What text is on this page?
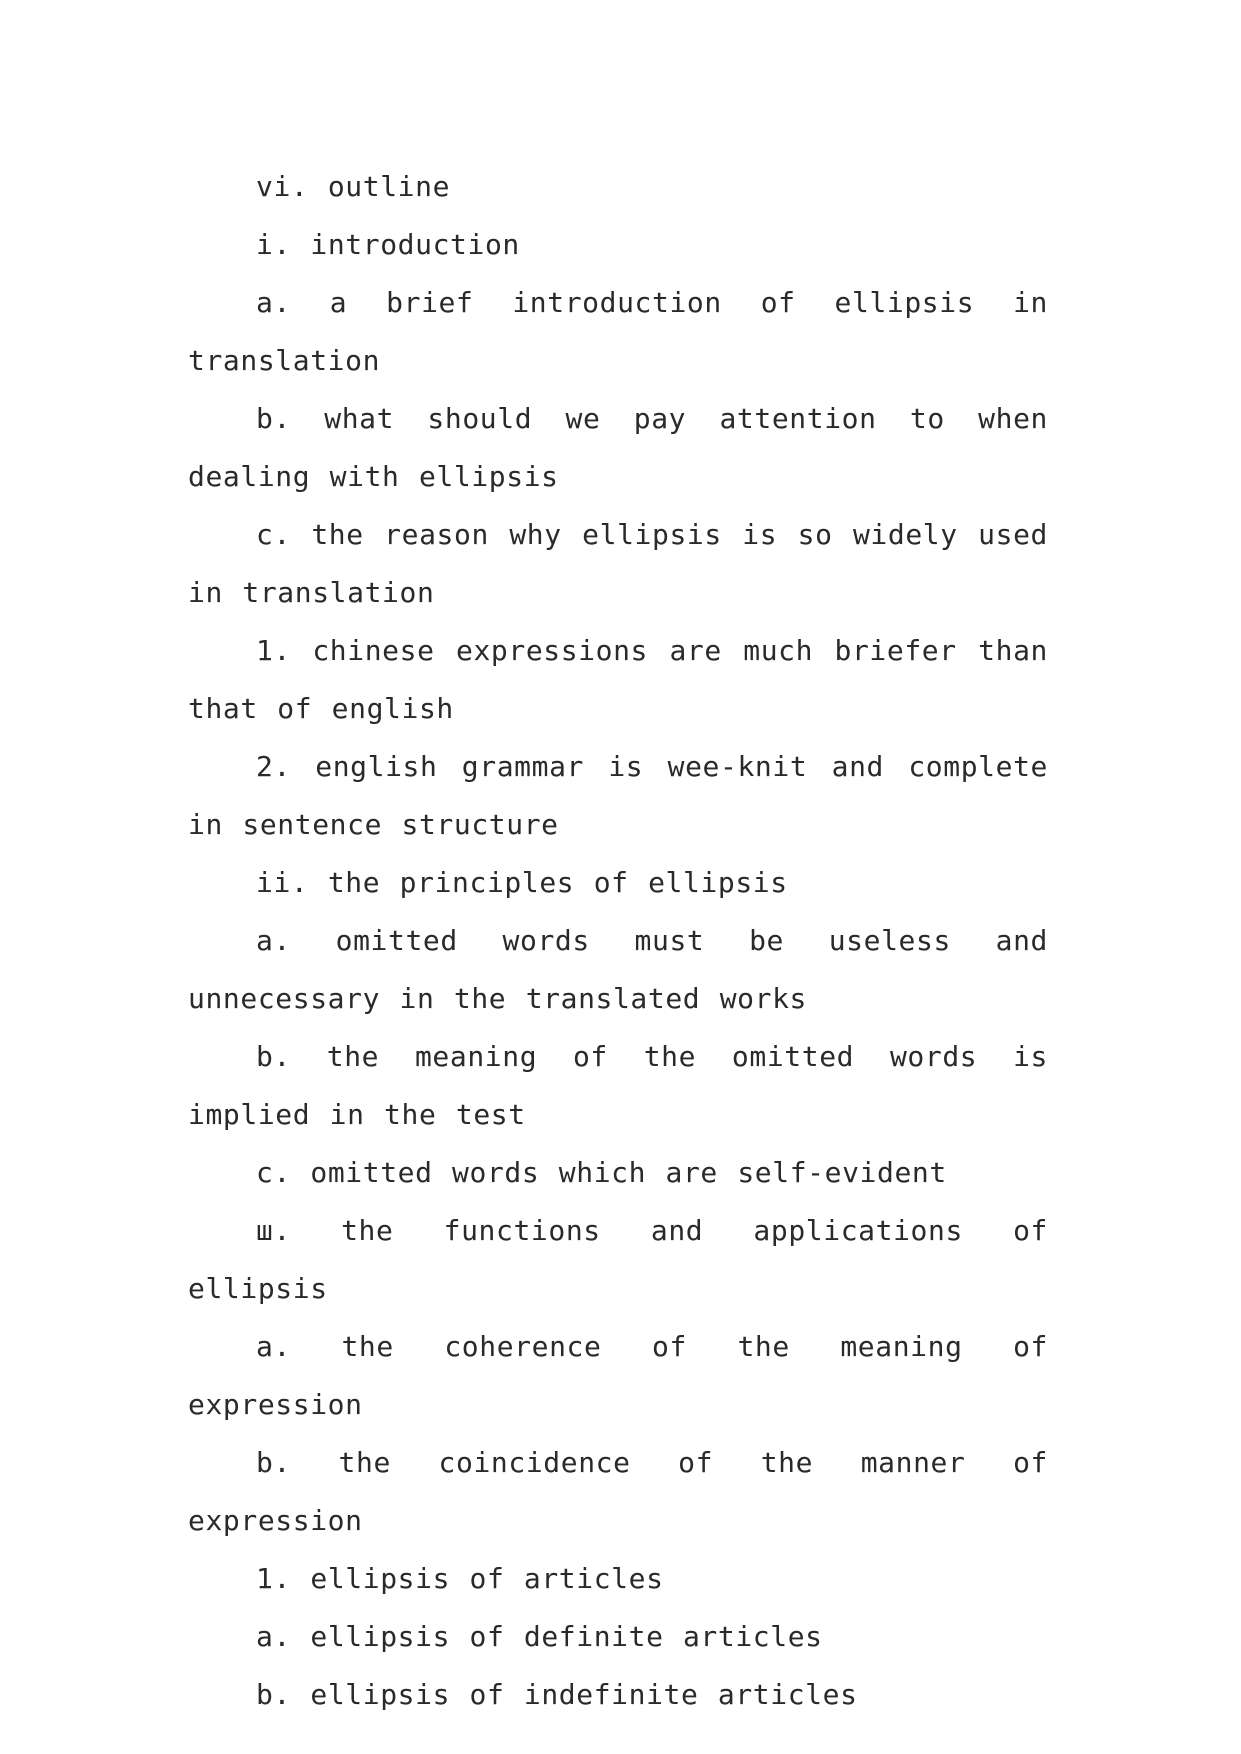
vi. outline

i. introduction

a. a brief introduction of ellipsis in translation

b. what should we pay attention to when dealing with ellipsis

c. the reason why ellipsis is so widely used in translation

1. chinese expressions are much briefer than that of english

2. english grammar is wee-knit and complete in sentence structure

ii. the principles of ellipsis

a. omitted words must be useless and unnecessary in the translated works

b. the meaning of the omitted words is implied in the test

c. omitted words which are self-evident

ш. the functions and applications of ellipsis

a. the coherence of the meaning of expression

b. the coincidence of the manner of expression

1. ellipsis of articles

a. ellipsis of definite articles

b. ellipsis of indefinite articles
